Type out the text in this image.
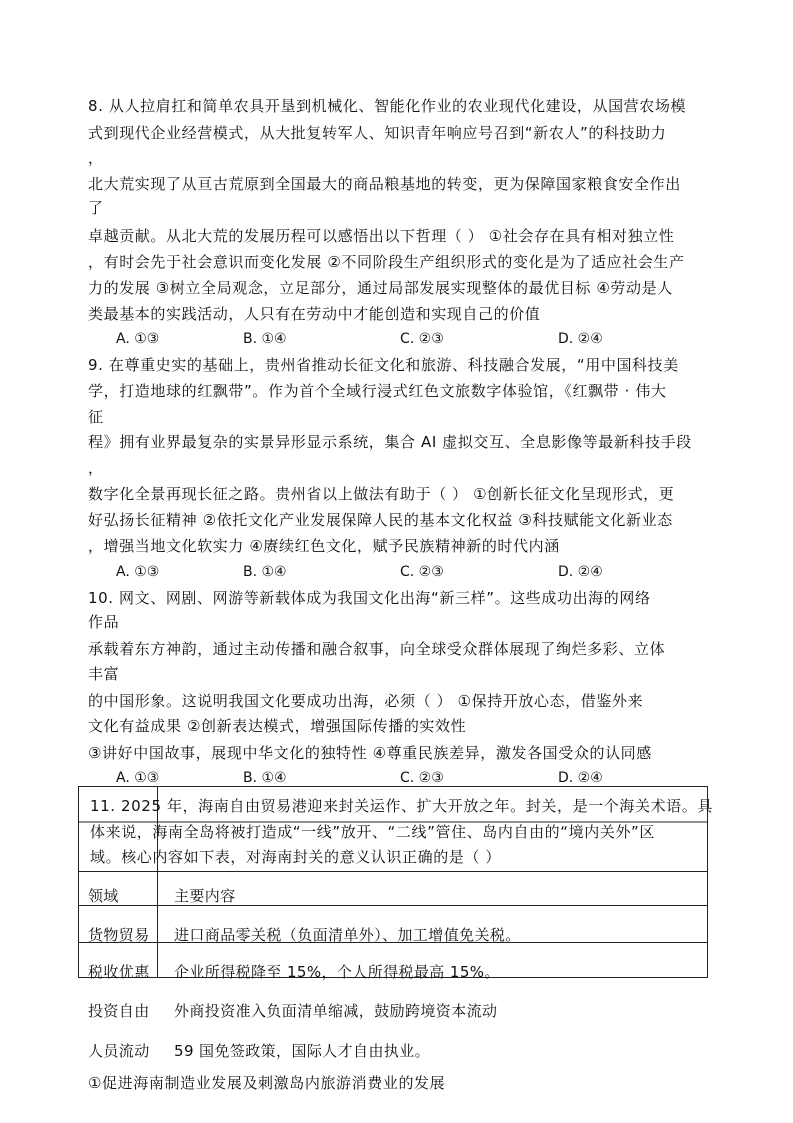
8. 从人拉肩扛和简单农具开垦到机械化、智能化作业的农业现代化建设，从国营农场模
式到现代企业经营模式，从大批复转军人、知识青年响应号召到“新农人”的科技助力
，
北大荒实现了从亘古荒原到全国最大的商品粮基地的转变，更为保障国家粮食安全作出
了
卓越贡献。从北大荒的发展历程可以感悟出以下哲理（ ） ①社会存在具有相对独立性
，有时会先于社会意识而变化发展 ②不同阶段生产组织形式的变化是为了适应社会生产
力的发展 ③树立全局观念，立足部分，通过局部发展实现整体的最优目标 ④劳动是人
类最基本的实践活动，人只有在劳动中才能创造和实现自己的价值
A. ①③	B. ①④	C. ②③	D. ②④
9. 在尊重史实的基础上，贵州省推动长征文化和旅游、科技融合发展，“用中国科技美
学，打造地球的红飘带”。作为首个全域行浸式红色文旅数字体验馆，《红飘带 · 伟大
征
程》拥有业界最复杂的实景异形显示系统，集合 AI 虚拟交互、全息影像等最新科技手段
，
数字化全景再现长征之路。贵州省以上做法有助于（ ） ①创新长征文化呈现形式，更
好弘扬长征精神 ②依托文化产业发展保障人民的基本文化权益 ③科技赋能文化新业态
，增强当地文化软实力 ④赓续红色文化，赋予民族精神新的时代内涵
A. ①③	B. ①④	C. ②③	D. ②④
10. 网文、网剧、网游等新载体成为我国文化出海“新三样”。这些成功出海的网络
作品
承载着东方神韵，通过主动传播和融合叙事，向全球受众群体展现了绚烂多彩、立体
丰富
的中国形象。这说明我国文化要成功出海，必须（ ） ①保持开放心态，借鉴外来
文化有益成果 ②创新表达模式，增强国际传播的实效性
③讲好中国故事，展现中华文化的独特性 ④尊重民族差异，激发各国受众的认同感
A. ①③	B. ①④	C. ②③	D. ②④
11. 2025 年，海南自由贸易港迎来封关运作、扩大开放之年。封关，是一个海关术语。具
体来说，海南全岛将被打造成“一线”放开、“二线”管住、岛内自由的“境内关外”区
域。核心内容如下表，对海南封关的意义认识正确的是（ ）
领域	主要内容
货物贸易 进口商品零关税（负面清单外）、加工增值免关税。
税收优惠 企业所得税降至 15%，个人所得税最高 15%。
投资自由 外商投资准入负面清单缩减，鼓励跨境资本流动
人员流动 59 国免签政策，国际人才自由执业。
①促进海南制造业发展及刺激岛内旅游消费业的发展
